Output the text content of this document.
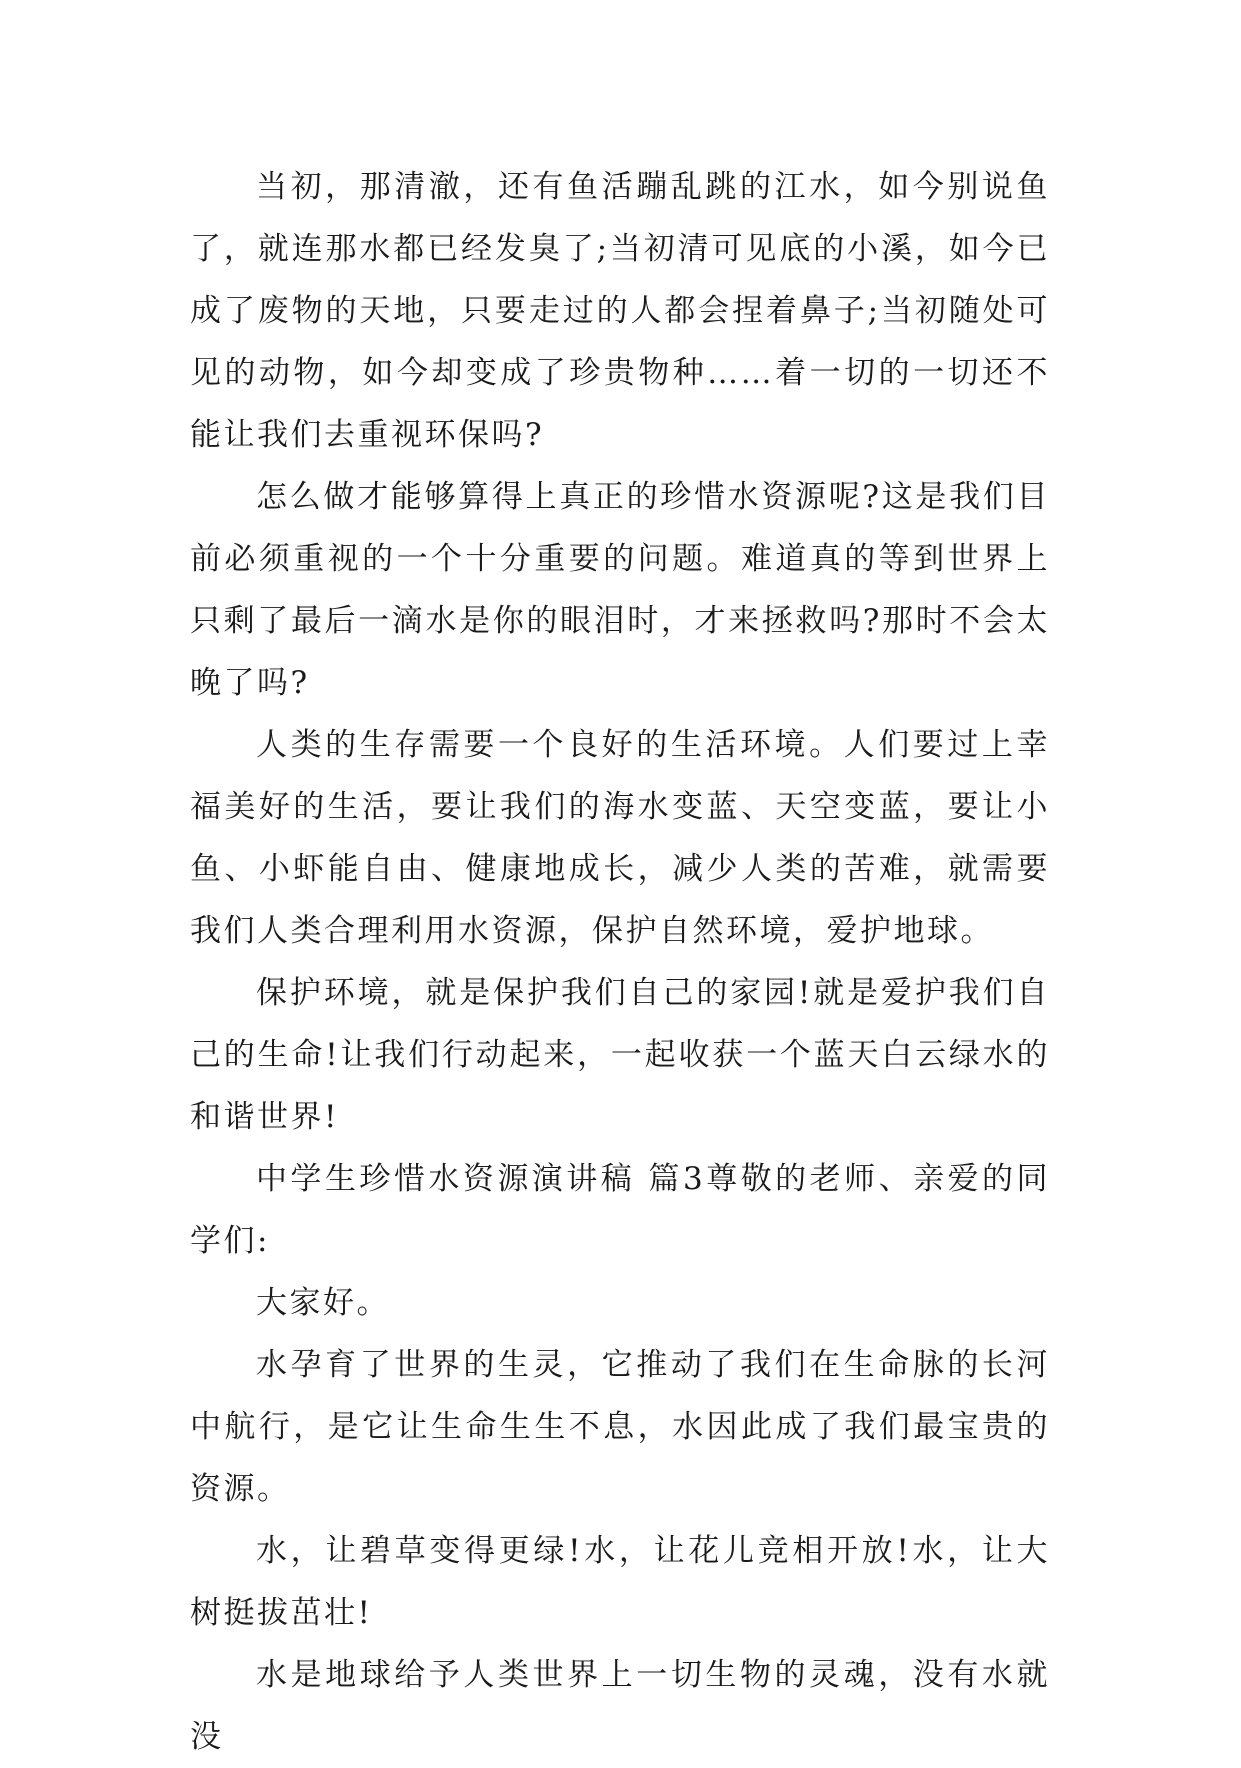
当初，那清澈，还有鱼活蹦乱跳的江水，如今别说鱼了，就连那水都已经发臭了;当初清可见底的小溪，如今已成了废物的天地，只要走过的人都会捏着鼻子;当初随处可见的动物，如今却变成了珍贵物种……着一切的一切还不能让我们去重视环保吗?

怎么做才能够算得上真正的珍惜水资源呢?这是我们目前必须重视的一个十分重要的问题。难道真的等到世界上只剩了最后一滴水是你的眼泪时，才来拯救吗?那时不会太晚了吗?

人类的生存需要一个良好的生活环境。人们要过上幸福美好的生活，要让我们的海水变蓝、天空变蓝，要让小鱼、小虾能自由、健康地成长，减少人类的苦难，就需要我们人类合理利用水资源，保护自然环境，爱护地球。

保护环境，就是保护我们自己的家园!就是爱护我们自己的生命!让我们行动起来，一起收获一个蓝天白云绿水的和谐世界!

中学生珍惜水资源演讲稿 篇3尊敬的老师、亲爱的同学们:

大家好。

水孕育了世界的生灵，它推动了我们在生命脉的长河中航行，是它让生命生生不息，水因此成了我们最宝贵的资源。

水，让碧草变得更绿!水，让花儿竞相开放!水，让大树挺拔茁壮!

水是地球给予人类世界上一切生物的灵魂，没有水就没
